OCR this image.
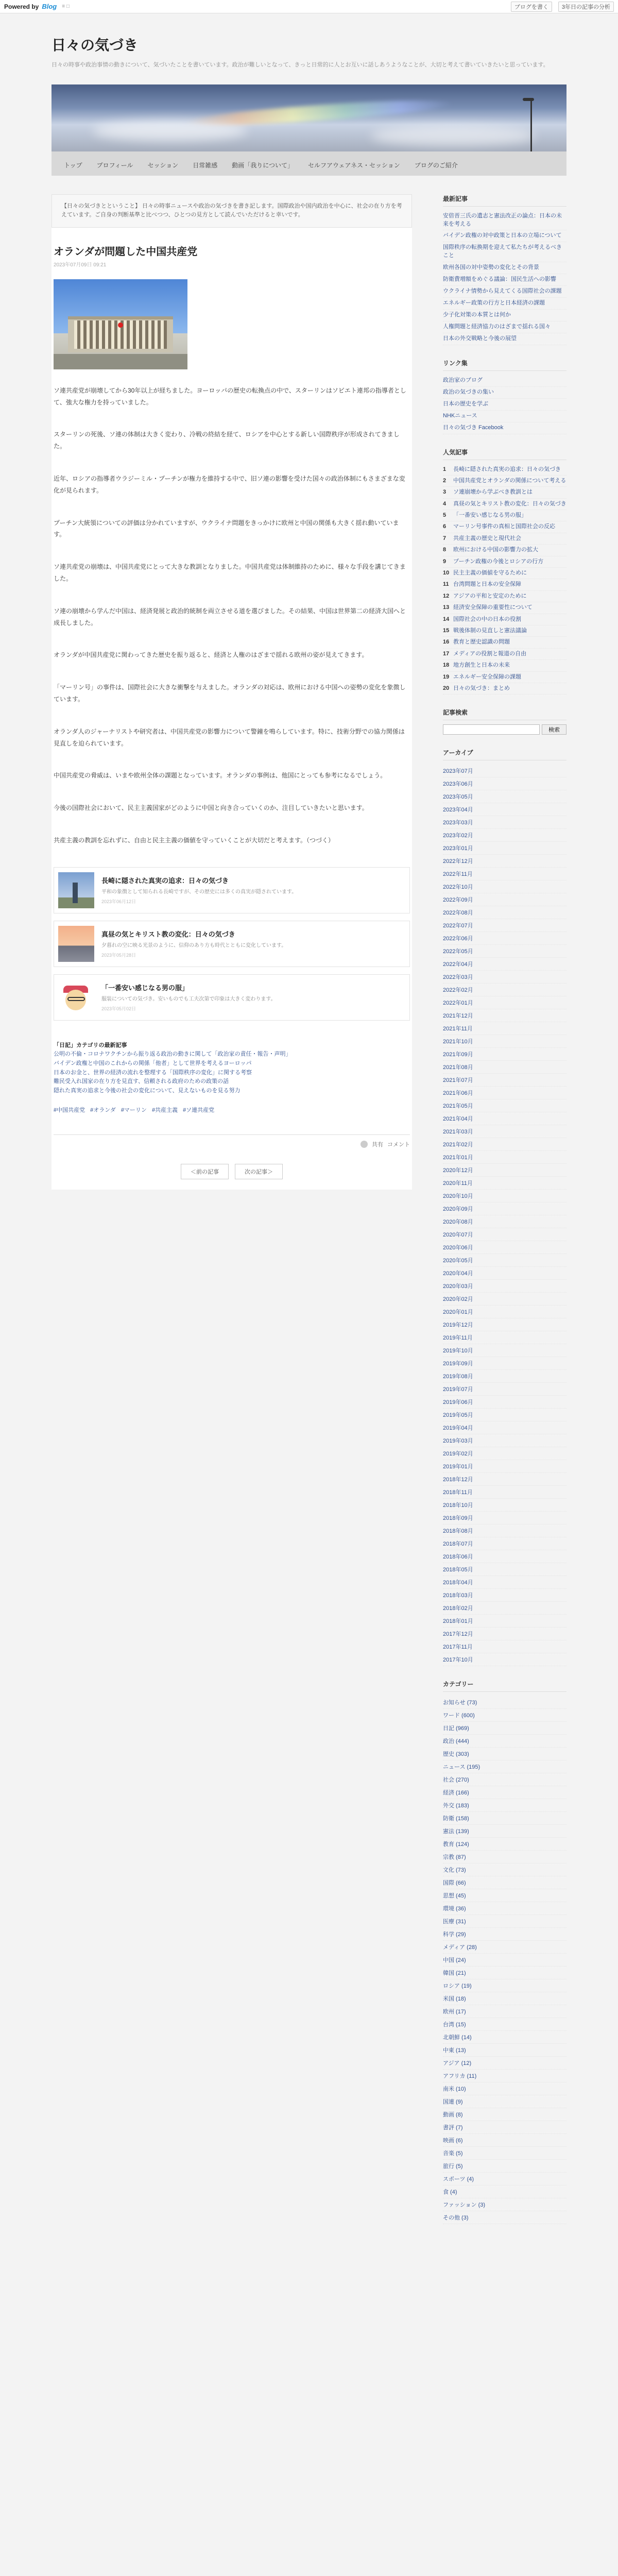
Powered by Blog ≡ □	ブログを書く	3年日の記事の分析
日々の気づき
日々の時事や政治事情の動きについて、気づいたことを書いています。政治が難しいとなって、きっと日常的に人とお互いに話しあうようなことが、大切と考えて書いていきたいと思っています。
トップ	プロフィール	セッション	日常雑感	動画「我りについて」	セルフアウェアネス・セッション	ブログのご紹介
【日々の気づきとということ】 日々の時事ニュースや政治の気づきを書き記します。国際政治や国内政治を中心に、社会の在り方を考えています。ご自身の判断基準と比べつつ、ひとつの見方として読んでいただけると幸いです。
オランダが問題した中国共産党
2023年07月09日 09:21

ソ連共産党が崩壊してから30年以上が経ちました。ヨーロッパの歴史の転換点の中で、スターリンはソビエト連邦の指導者として、強大な権力を持っていました。

スターリンの死後、ソ連の体制は大きく変わり、冷戦の終結を経て、ロシアを中心とする新しい国際秩序が形成されてきました。

近年、ロシアの指導者ウラジーミル・プーチンが権力を維持する中で、旧ソ連の影響を受けた国々の政治体制にもさまざまな変化が見られます。

プーチン大統領についての評価は分かれていますが、ウクライナ問題をきっかけに欧州と中国の関係も大きく揺れ動いています。

ソ連共産党の崩壊は、中国共産党にとって大きな教訓となりました。中国共産党は体制維持のために、様々な手段を講じてきました。

ソ連の崩壊から学んだ中国は、経済発展と政治的統制を両立させる道を選びました。その結果、中国は世界第二の経済大国へと成長しました。

オランダが中国共産党に関わってきた歴史を振り返ると、経済と人権のはざまで揺れる欧州の姿が見えてきます。

「マーリン号」の事件は、国際社会に大きな衝撃を与えました。オランダの対応は、欧州における中国への姿勢の変化を象徴しています。

オランダ人のジャーナリストや研究者は、中国共産党の影響力について警鐘を鳴らしています。特に、技術分野での協力関係は見直しを迫られています。

中国共産党の脅威は、いまや欧州全体の課題となっています。オランダの事例は、他国にとっても参考になるでしょう。

今後の国際社会において、民主主義国家がどのように中国と向き合っていくのか、注目していきたいと思います。

共産主義の教訓を忘れずに、自由と民主主義の価値を守っていくことが大切だと考えます。（つづく）

長崎に隠された真実の追求：日々の気づき
平和の象徴として知られる長崎ですが、その歴史には多くの真実が隠されています。
2023年06月12日
真昼の気とキリスト教の変化：日々の気づき
夕暮れの空に映る光景のように、信仰のあり方も時代とともに変化しています。
2023年05月28日
「一番安い感じなる男の服」
服装についての気づき。安いものでも工夫次第で印象は大きく変わります。
2023年05月02日
「日記」カテゴリの最新記事
公明の不倫・コロナワクチンから振り返る政治の動きに関して「政治家の責任・報告・声明」
バイデン政権と中国のこれからの関係「他者」として世界を考えるヨーロッパ
日本のお金と、世界の経済の流れを整理する「国際秩序の変化」に関する考察
難民受入れ国家の在り方を見直す、信頼される政府のための政策の話
隠れた真実の追求と今後の社会の変化について、見えないものを見る努力
#中国共産党 #オランダ #マーリン #共産主義 #ソ連共産党
共有 コメント
＜前の記事	次の記事＞
最新記事
安倍晋三氏の遺志と憲法改正の論点：日本の未来を考える
バイデン政権の対中政策と日本の立場について
国際秩序の転換期を迎えて私たちが考えるべきこと
欧州各国の対中姿勢の変化とその背景
防衛費増額をめぐる議論：国民生活への影響
ウクライナ情勢から見えてくる国際社会の課題
エネルギー政策の行方と日本経済の課題
少子化対策の本質とは何か
人権問題と経済協力のはざまで揺れる国々
日本の外交戦略と今後の展望
リンク集
政治家のブログ
政治の気づきの集い
日本の歴史を学ぶ
NHKニュース
日々の気づき Facebook
人気記事
1	長崎に隠された真実の追求：日々の気づき
2	中国共産党とオランダの関係について考える
3	ソ連崩壊から学ぶべき教訓とは
4	真昼の気とキリスト教の変化：日々の気づき
5	「一番安い感じなる男の服」
6	マーリン号事件の真相と国際社会の反応
7	共産主義の歴史と現代社会
8	欧州における中国の影響力の拡大
9	プーチン政権の今後とロシアの行方
10 民主主義の価値を守るために
11 台湾問題と日本の安全保障
12 アジアの平和と安定のために
13 経済安全保障の重要性について
14 国際社会の中の日本の役割
15 戦後体制の見直しと憲法議論
16 教育と歴史認識の問題
17 メディアの役割と報道の自由
18 地方創生と日本の未来
19 エネルギー安全保障の課題
20 日々の気づき：まとめ
記事検索
検索
アーカイブ
2023年07月
2023年06月
2023年05月
2023年04月
2023年03月
2023年02月
2023年01月
2022年12月
2022年11月
2022年10月
2022年09月
2022年08月
2022年07月
2022年06月
2022年05月
2022年04月
2022年03月
2022年02月
2022年01月
2021年12月
2021年11月
2021年10月
2021年09月
2021年08月
2021年07月
2021年06月
2021年05月
2021年04月
2021年03月
2021年02月
2021年01月
2020年12月
2020年11月
2020年10月
2020年09月
2020年08月
2020年07月
2020年06月
2020年05月
2020年04月
2020年03月
2020年02月
2020年01月
2019年12月
2019年11月
2019年10月
2019年09月
2019年08月
2019年07月
2019年06月
2019年05月
2019年04月
2019年03月
2019年02月
2019年01月
2018年12月
2018年11月
2018年10月
2018年09月
2018年08月
2018年07月
2018年06月
2018年05月
2018年04月
2018年03月
2018年02月
2018年01月
2017年12月
2017年11月
2017年10月
カテゴリー
お知らせ (73)
ワード (600)
日記 (969)
政治 (444)
歴史 (303)
ニュース (195)
社会 (270)
経済 (166)
外交 (183)
防衛 (158)
憲法 (139)
教育 (124)
宗教 (87)
文化 (73)
国際 (66)
思想 (45)
環境 (36)
医療 (31)
科学 (29)
メディア (28)
中国 (24)
韓国 (21)
ロシア (19)
米国 (18)
欧州 (17)
台湾 (15)
北朝鮮 (14)
中東 (13)
アジア (12)
アフリカ (11)
南米 (10)
国連 (9)
動画 (8)
書評 (7)
映画 (6)
音楽 (5)
旅行 (5)
スポーツ (4)
食 (4)
ファッション (3)
その他 (3)
